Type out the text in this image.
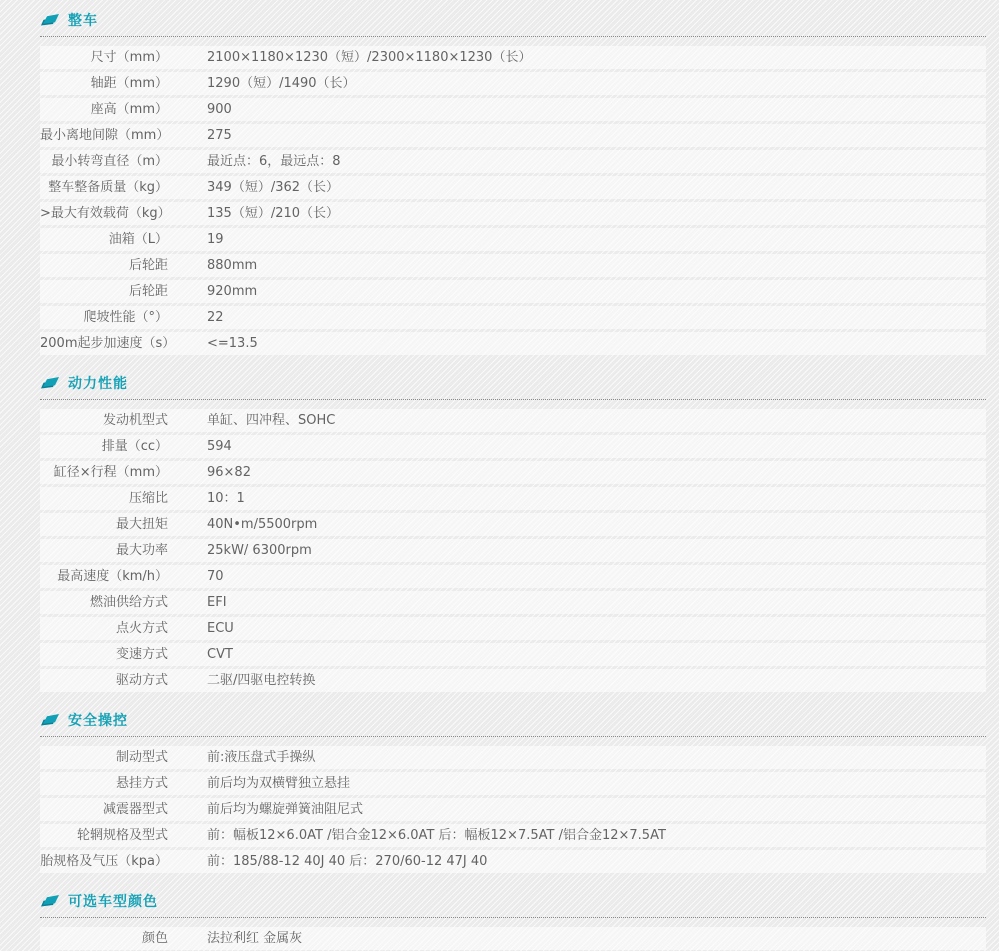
整车
尺寸（mm）	2100×1180×1230（短）/2300×1180×1230（长）
轴距（mm）	1290（短）/1490（长）
座高（mm）	900
最小离地间隙（mm）	275
最小转弯直径（m）	最近点：6，最远点：8
整车整备质量（kg）	349（短）/362（长）
>最大有效载荷（kg）	135（短）/210（长）
油箱（L）	19
后轮距	880mm
后轮距	920mm
爬坡性能（°）	22
200m起步加速度（s） <=13.5
动力性能
发动机型式	单缸、四冲程、SOHC
排量（cc）	594
缸径×行程（mm）	96×82
压缩比	10：1
最大扭矩	40N•m/5500rpm
最大功率	25kW/ 6300rpm
最高速度（km/h）	70
燃油供给方式	EFI
点火方式	ECU
变速方式	CVT
驱动方式	二驱/四驱电控转换
安全操控
制动型式	前:液压盘式手操纵
悬挂方式	前后均为双横臂独立悬挂
减震器型式	前后均为螺旋弹簧油阻尼式
轮辋规格及型式	前：幅板12×6.0AT /铝合金12×6.0AT 后：幅板12×7.5AT /铝合金12×7.5AT
胎规格及气压（kpa）	前：185/88-12 40J 40 后：270/60-12 47J 40
可选车型颜色
颜色	法拉利红 金属灰
